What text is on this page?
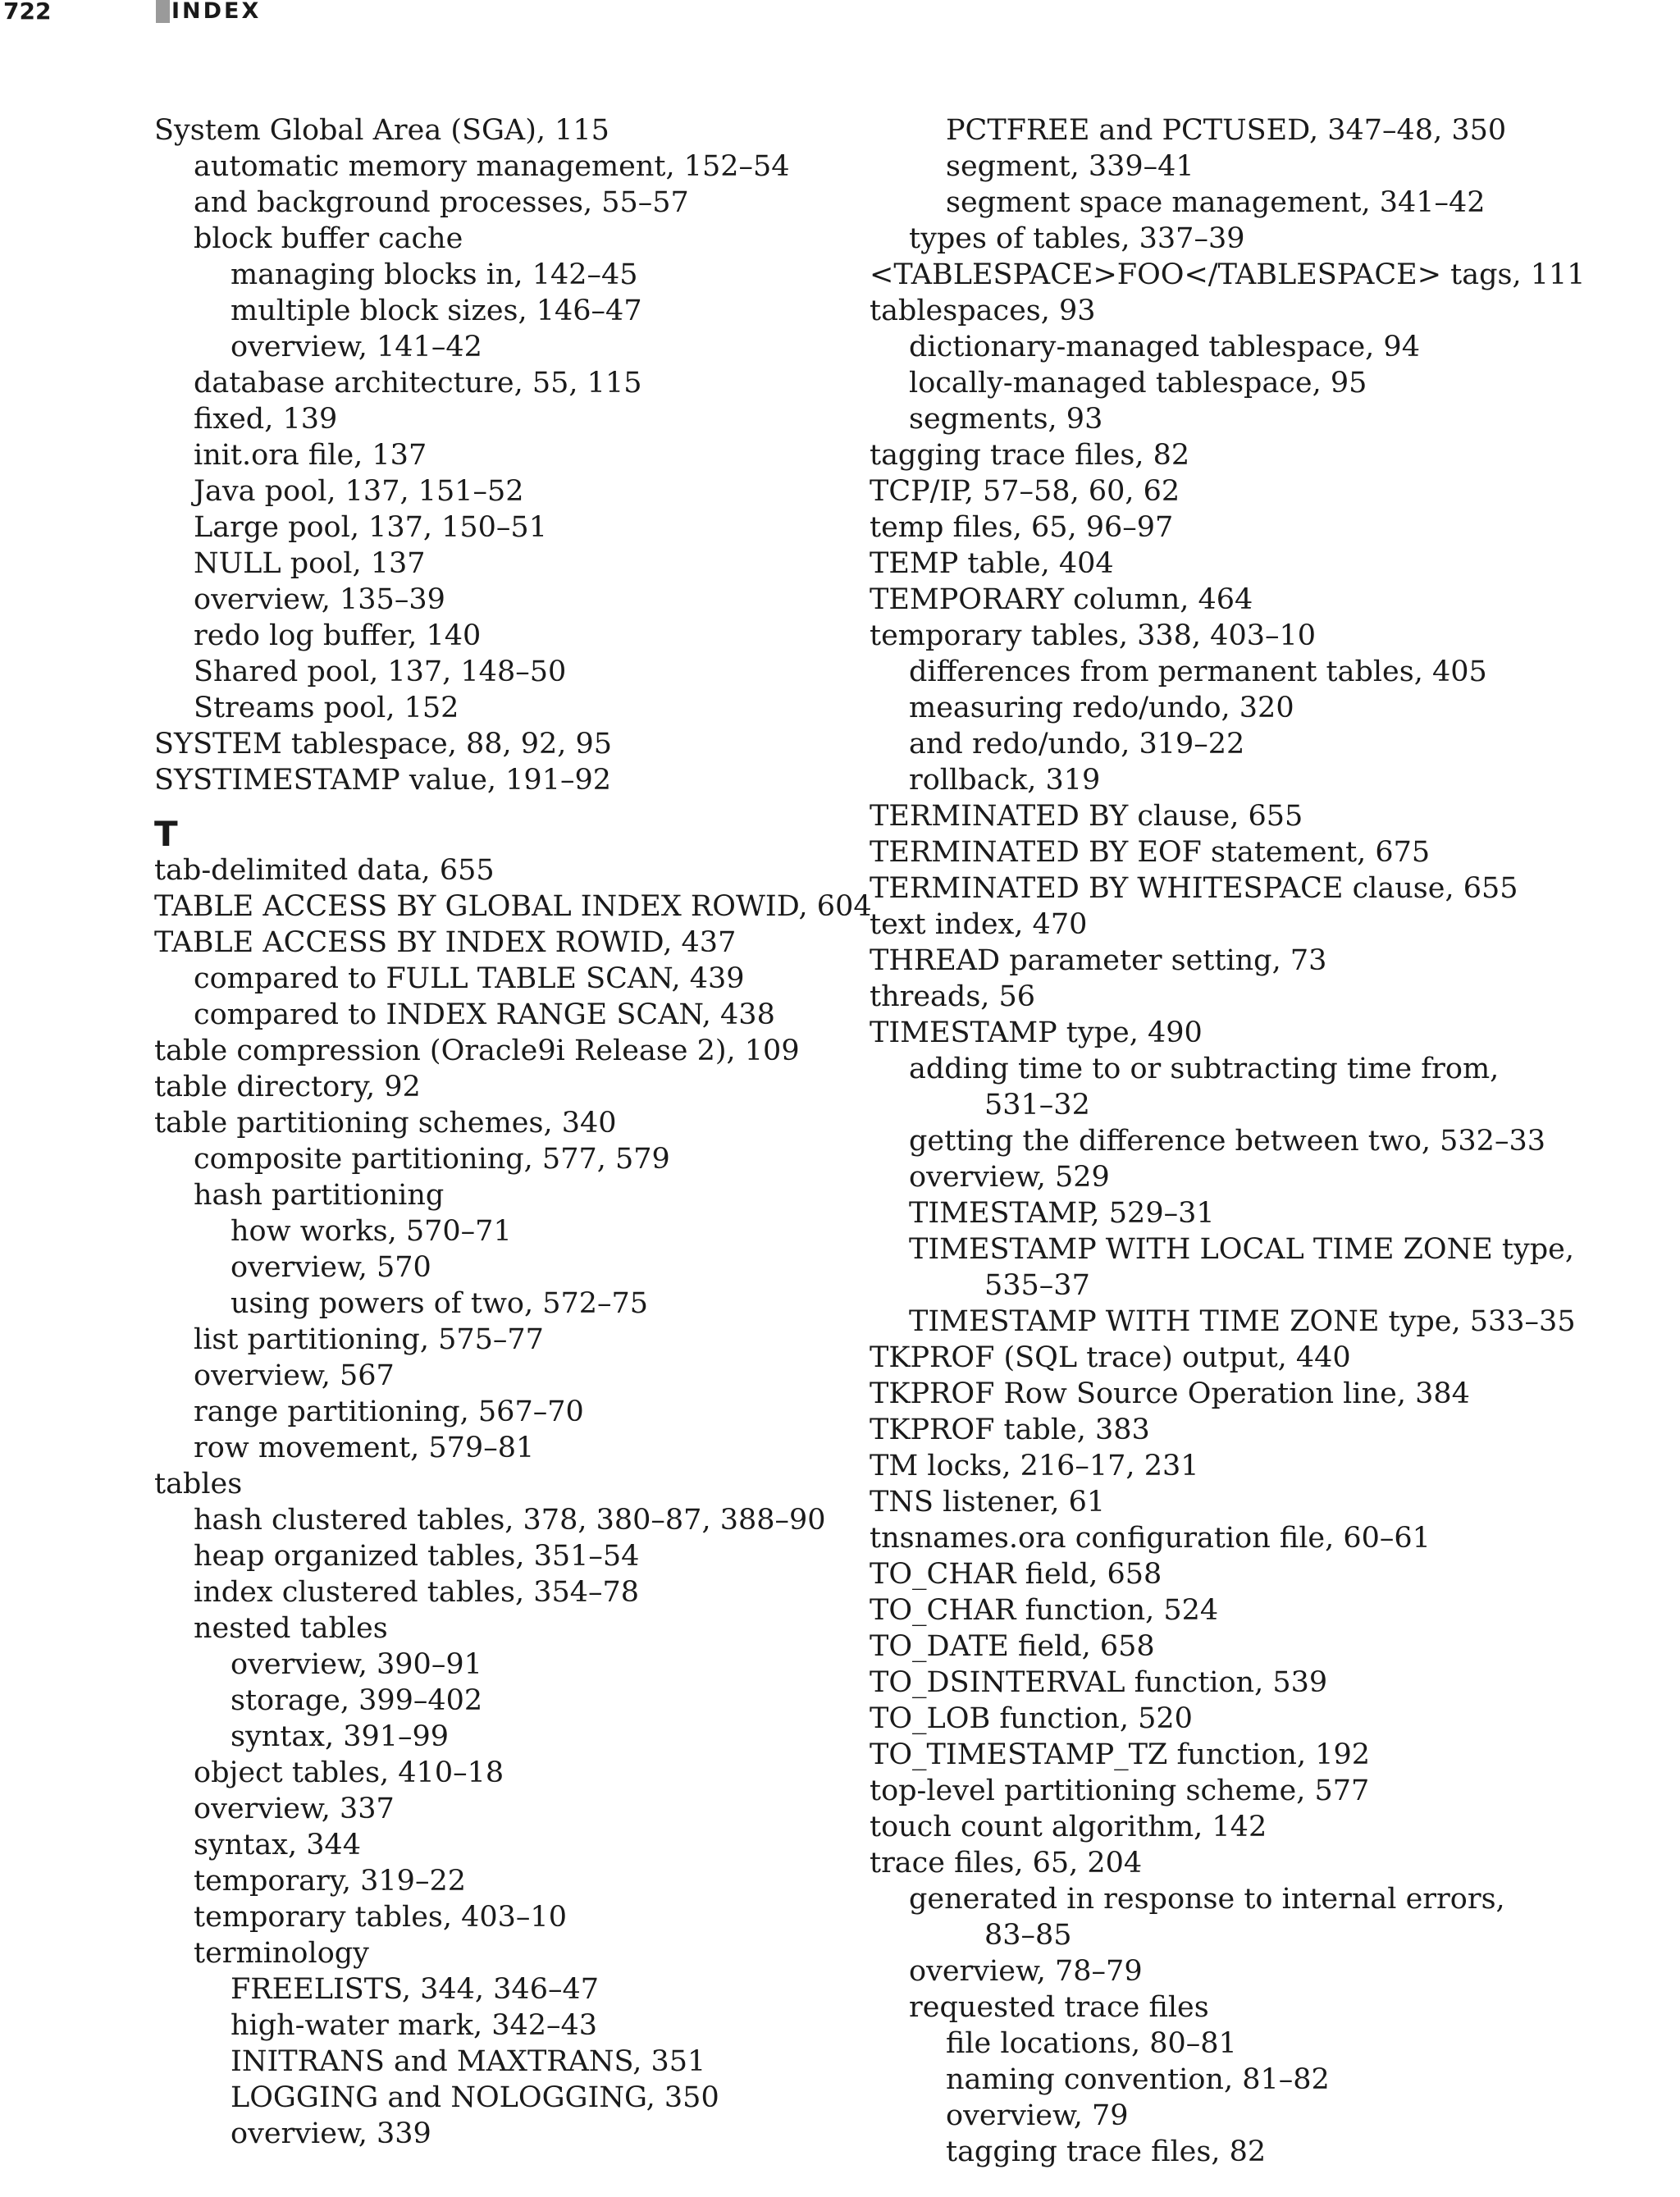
722	INDEX
System Global Area (SGA), 115
automatic memory management, 152–54
and background processes, 55–57
block buffer cache
managing blocks in, 142–45
multiple block sizes, 146–47
overview, 141–42
database architecture, 55, 115
fixed, 139
init.ora file, 137
Java pool, 137, 151–52
Large pool, 137, 150–51
NULL pool, 137
overview, 135–39
redo log buffer, 140
Shared pool, 137, 148–50
Streams pool, 152
SYSTEM tablespace, 88, 92, 95
SYSTIMESTAMP value, 191–92
T
tab-delimited data, 655
TABLE ACCESS BY GLOBAL INDEX ROWID, 604
TABLE ACCESS BY INDEX ROWID, 437
compared to FULL TABLE SCAN, 439
compared to INDEX RANGE SCAN, 438
table compression (Oracle9i Release 2), 109
table directory, 92
table partitioning schemes, 340
composite partitioning, 577, 579
hash partitioning
how works, 570–71
overview, 570
using powers of two, 572–75
list partitioning, 575–77
overview, 567
range partitioning, 567–70
row movement, 579–81
tables
hash clustered tables, 378, 380–87, 388–90
heap organized tables, 351–54
index clustered tables, 354–78
nested tables
overview, 390–91
storage, 399–402
syntax, 391–99
object tables, 410–18
overview, 337
syntax, 344
temporary, 319–22
temporary tables, 403–10
terminology
FREELISTS, 344, 346–47
high-water mark, 342–43
INITRANS and MAXTRANS, 351
LOGGING and NOLOGGING, 350
overview, 339
PCTFREE and PCTUSED, 347–48, 350
segment, 339–41
segment space management, 341–42
types of tables, 337–39
<TABLESPACE>FOO</TABLESPACE> tags, 111
tablespaces, 93
dictionary-managed tablespace, 94
locally-managed tablespace, 95
segments, 93
tagging trace files, 82
TCP/IP, 57–58, 60, 62
temp files, 65, 96–97
TEMP table, 404
TEMPORARY column, 464
temporary tables, 338, 403–10
differences from permanent tables, 405
measuring redo/undo, 320
and redo/undo, 319–22
rollback, 319
TERMINATED BY clause, 655
TERMINATED BY EOF statement, 675
TERMINATED BY WHITESPACE clause, 655
text index, 470
THREAD parameter setting, 73
threads, 56
TIMESTAMP type, 490
adding time to or subtracting time from,
531–32
getting the difference between two, 532–33
overview, 529
TIMESTAMP, 529–31
TIMESTAMP WITH LOCAL TIME ZONE type,
535–37
TIMESTAMP WITH TIME ZONE type, 533–35
TKPROF (SQL trace) output, 440
TKPROF Row Source Operation line, 384
TKPROF table, 383
TM locks, 216–17, 231
TNS listener, 61
tnsnames.ora configuration file, 60–61
TO_CHAR field, 658
TO_CHAR function, 524
TO_DATE field, 658
TO_DSINTERVAL function, 539
TO_LOB function, 520
TO_TIMESTAMP_TZ function, 192
top-level partitioning scheme, 577
touch count algorithm, 142
trace files, 65, 204
generated in response to internal errors,
83–85
overview, 78–79
requested trace files
file locations, 80–81
naming convention, 81–82
overview, 79
tagging trace files, 82
